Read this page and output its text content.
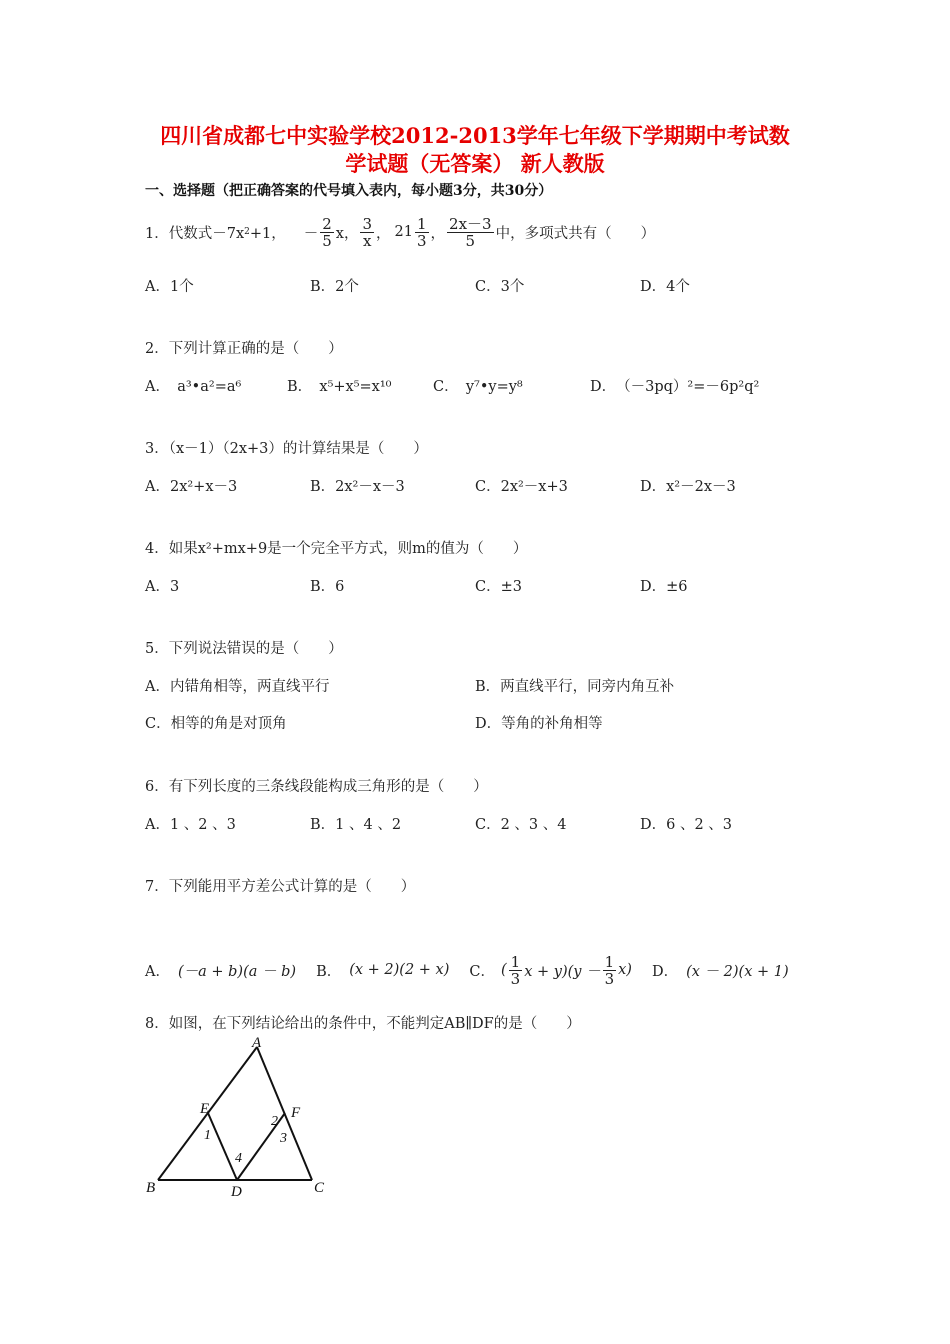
四川省成都七中实验学校2012-2013学年七年级下学期期中考试数
学试题（无答案） 新人教版
一、选择题（把正确答案的代号填入表内，每小题3分，共30分）
1．代数式－7x 2 +1， － $\frac{2}{5}$ x， $\frac{3}{x}$ ， $21 \frac{1}{3}$ ， $\frac{2x-3}{5}$ 中，多项式共有（　　）
A．1个	B．2个	C．3个	D．4个
2．下列计算正确的是（　　）
A．　a³•a²=a⁶	B．　x⁵+x⁵=x¹⁰	C．　y⁷•y=y⁸	D．　（－3pq）²=－6p²q²
3．（x－1）（2x+3）的计算结果是（　　）
A．2x²+x－3	B．2x²－x－3	C．2x²－x+3	D．x²－2x－3
4．如果x²+mx+9是一个完全平方式，则m的值为（　　）
A．3	B．6	C．±3	D．±6
5．下列说法错误的是（　　）
A．内错角相等，两直线平行	B．两直线平行，同旁内角互补
C．相等的角是对顶角	D．等角的补角相等
6．有下列长度的三条线段能构成三角形的是（　　）
A．1 、2 、3	B．1 、4 、2	C．2 、3 、4	D．6 、2 、3
7．下列能用平方差公式计算的是（　　）
A． (－a + b)(a － b) B． (x + 2)(2 + x) C． ( $\frac{1}{3}$ $x + y)(y - \frac{1}{3} x)$ D． (x － 2)(x + 1)
8．如图，在下列结论给出的条件中，不能判定AB∥DF的是（　　）
A
B	C
D
E	F
1
2
3
4
